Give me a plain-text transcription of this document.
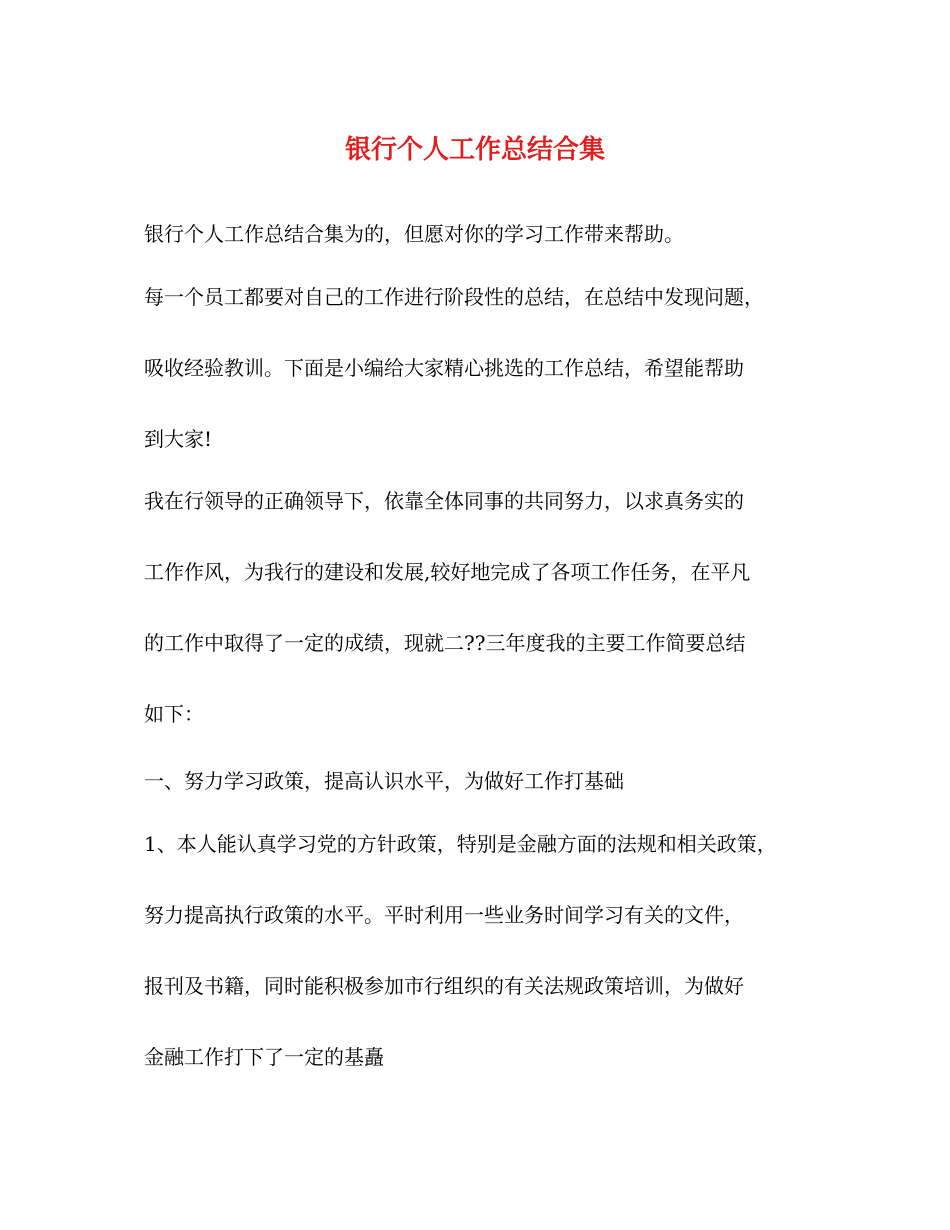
银行个人工作总结合集

银行个人工作总结合集为的，但愿对你的学习工作带来帮助。

每一个员工都要对自己的工作进行阶段性的总结，在总结中发现问题，

吸收经验教训。下面是小编给大家精心挑选的工作总结，希望能帮助

到大家!

我在行领导的正确领导下，依靠全体同事的共同努力，以求真务实的

工作作风，为我行的建设和发展,较好地完成了各项工作任务，在平凡

的工作中取得了一定的成绩，现就二??三年度我的主要工作简要总结

如下：

一、努力学习政策，提高认识水平，为做好工作打基础

1、本人能认真学习党的方针政策，特别是金融方面的法规和相关政策，

努力提高执行政策的水平。平时利用一些业务时间学习有关的文件，

报刊及书籍，同时能积极参加市行组织的有关法规政策培训，为做好

金融工作打下了一定的基矗
